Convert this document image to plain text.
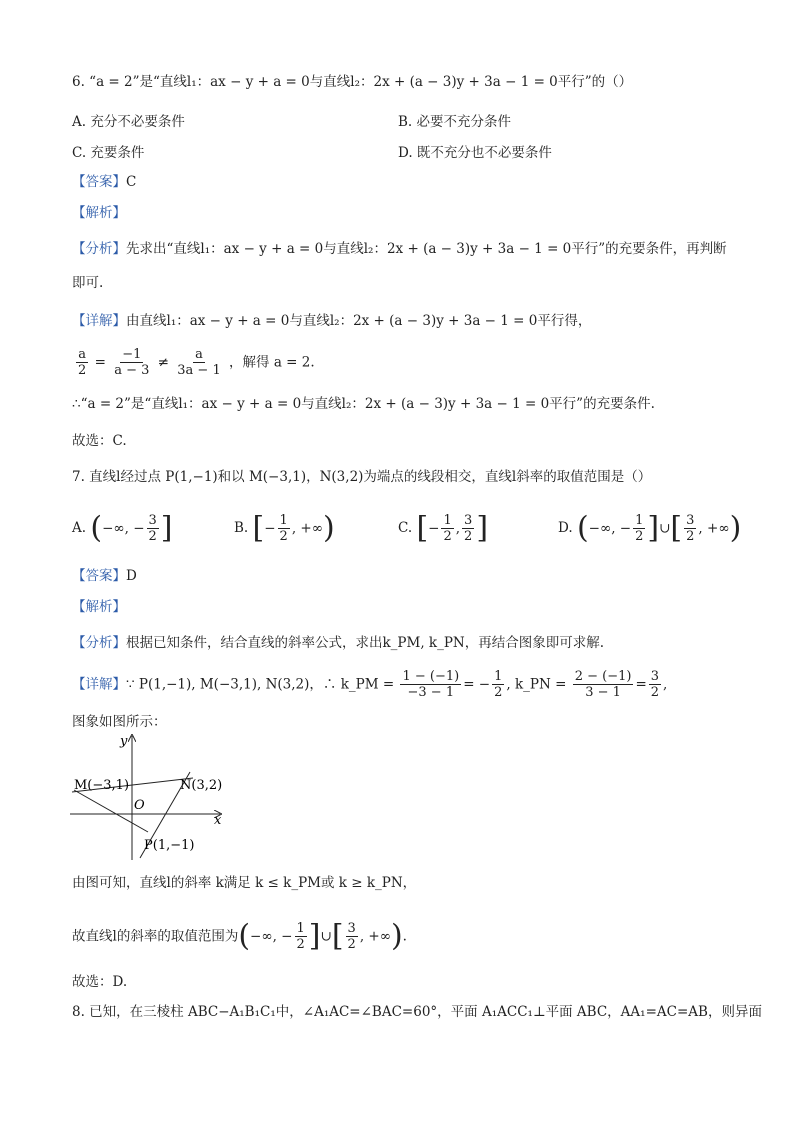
6. “a = 2”是“直线l₁：ax − y + a = 0与直线l₂：2x + (a − 3)y + 3a − 1 = 0平行”的（）
A. 充分不必要条件	B. 必要不充分条件
C. 充要条件	D. 既不充分也不必要条件
【答案】C
【解析】
【分析】先求出“直线l₁：ax − y + a = 0与直线l₂：2x + (a − 3)y + 3a − 1 = 0平行”的充要条件，再判断
即可.
【详解】由直线l₁：ax − y + a = 0与直线l₂：2x + (a − 3)y + 3a − 1 = 0平行得，
$\frac{a}{2} = \frac{-1}{a - 3} \ne \frac{a}{3a - 1}$ ，解得 a = 2.
∴“a = 2”是“直线l₁：ax − y + a = 0与直线l₂：2x + (a − 3)y + 3a − 1 = 0平行”的充要条件.
故选：C.
7. 直线l经过点 P(1,−1)和以 M(−3,1)，N(3,2)为端点的线段相交，直线l斜率的取值范围是（）
A. (−∞, − $\frac{3}{2}$ ]	B. [− $\frac{1}{2}$ , +∞)	C. [− $\frac{1}{2}$ , $\frac{3}{2}$ ]	D. (−∞, − $\frac{1}{2}$ ]∪[ $\frac{3}{2}$ , +∞)
【答案】D
【解析】
【分析】根据已知条件，结合直线的斜率公式，求出k_PM, k_PN，再结合图象即可求解.
【详解】∵ P(1,−1), M(−3,1), N(3,2)，∴ k_PM = $\frac{1 - (-1)}{-3 - 1}$ = − $\frac{1}{2}$ , k_PN = $\frac{2 - (-1)}{3 - 1} = \frac{3}{2}$ ,
图象如图所示：
y
x
O
M(−3,1)	N(3,2)
P(1,−1)
由图可知，直线l的斜率 k满足 k ≤ k_PM或 k ≥ k_PN，
故直线l的斜率的取值范围为(−∞, − $\frac{1}{2}$ ]∪[ $\frac{3}{2}$ , +∞).
故选：D.
8. 已知，在三棱柱 ABC−A₁B₁C₁中，∠A₁AC=∠BAC=60°，平面 A₁ACC₁⊥平面 ABC，AA₁=AC=AB，则异面
